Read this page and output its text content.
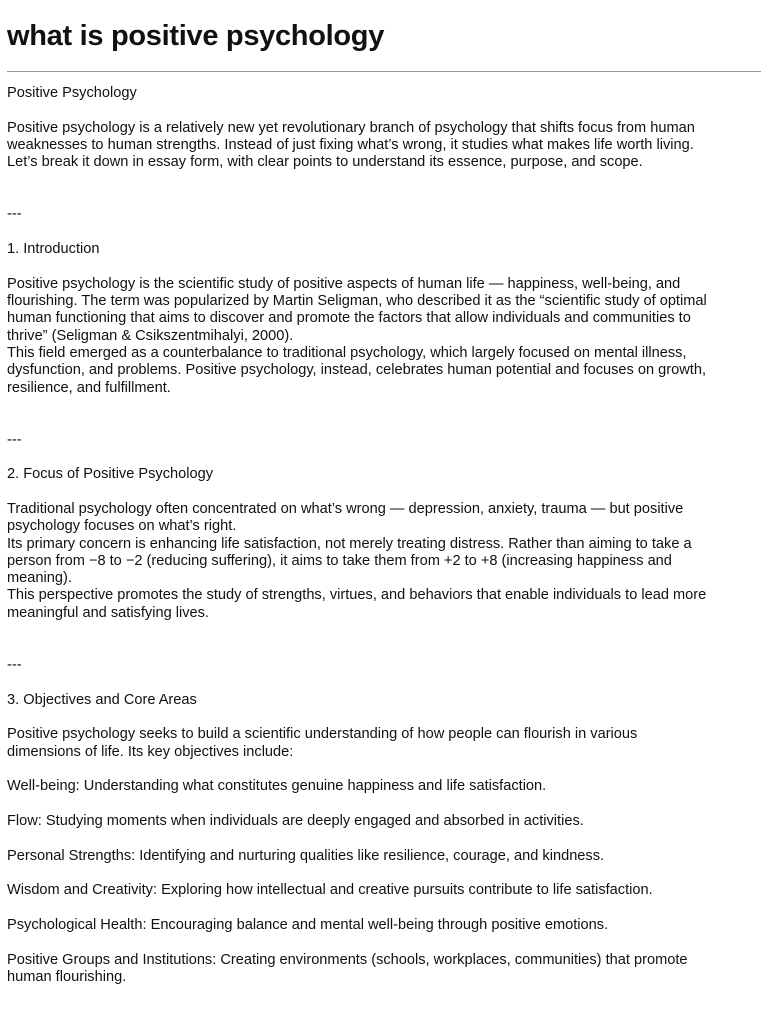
what is positive psychology
Positive Psychology
Positive psychology is a relatively new yet revolutionary branch of psychology that shifts focus from human
weaknesses to human strengths. Instead of just fixing what’s wrong, it studies what makes life worth living.
Let’s break it down in essay form, with clear points to understand its essence, purpose, and scope.
---
1. Introduction
Positive psychology is the scientific study of positive aspects of human life — happiness, well-being, and
flourishing. The term was popularized by Martin Seligman, who described it as the “scientific study of optimal
human functioning that aims to discover and promote the factors that allow individuals and communities to
thrive” (Seligman & Csikszentmihalyi, 2000).
This field emerged as a counterbalance to traditional psychology, which largely focused on mental illness,
dysfunction, and problems. Positive psychology, instead, celebrates human potential and focuses on growth,
resilience, and fulfillment.
---
2. Focus of Positive Psychology
Traditional psychology often concentrated on what’s wrong — depression, anxiety, trauma — but positive
psychology focuses on what’s right.
Its primary concern is enhancing life satisfaction, not merely treating distress. Rather than aiming to take a
person from −8 to −2 (reducing suffering), it aims to take them from +2 to +8 (increasing happiness and
meaning).
This perspective promotes the study of strengths, virtues, and behaviors that enable individuals to lead more
meaningful and satisfying lives.
---
3. Objectives and Core Areas
Positive psychology seeks to build a scientific understanding of how people can flourish in various
dimensions of life. Its key objectives include:
Well-being: Understanding what constitutes genuine happiness and life satisfaction.
Flow: Studying moments when individuals are deeply engaged and absorbed in activities.
Personal Strengths: Identifying and nurturing qualities like resilience, courage, and kindness.
Wisdom and Creativity: Exploring how intellectual and creative pursuits contribute to life satisfaction.
Psychological Health: Encouraging balance and mental well-being through positive emotions.
Positive Groups and Institutions: Creating environments (schools, workplaces, communities) that promote
human flourishing.
